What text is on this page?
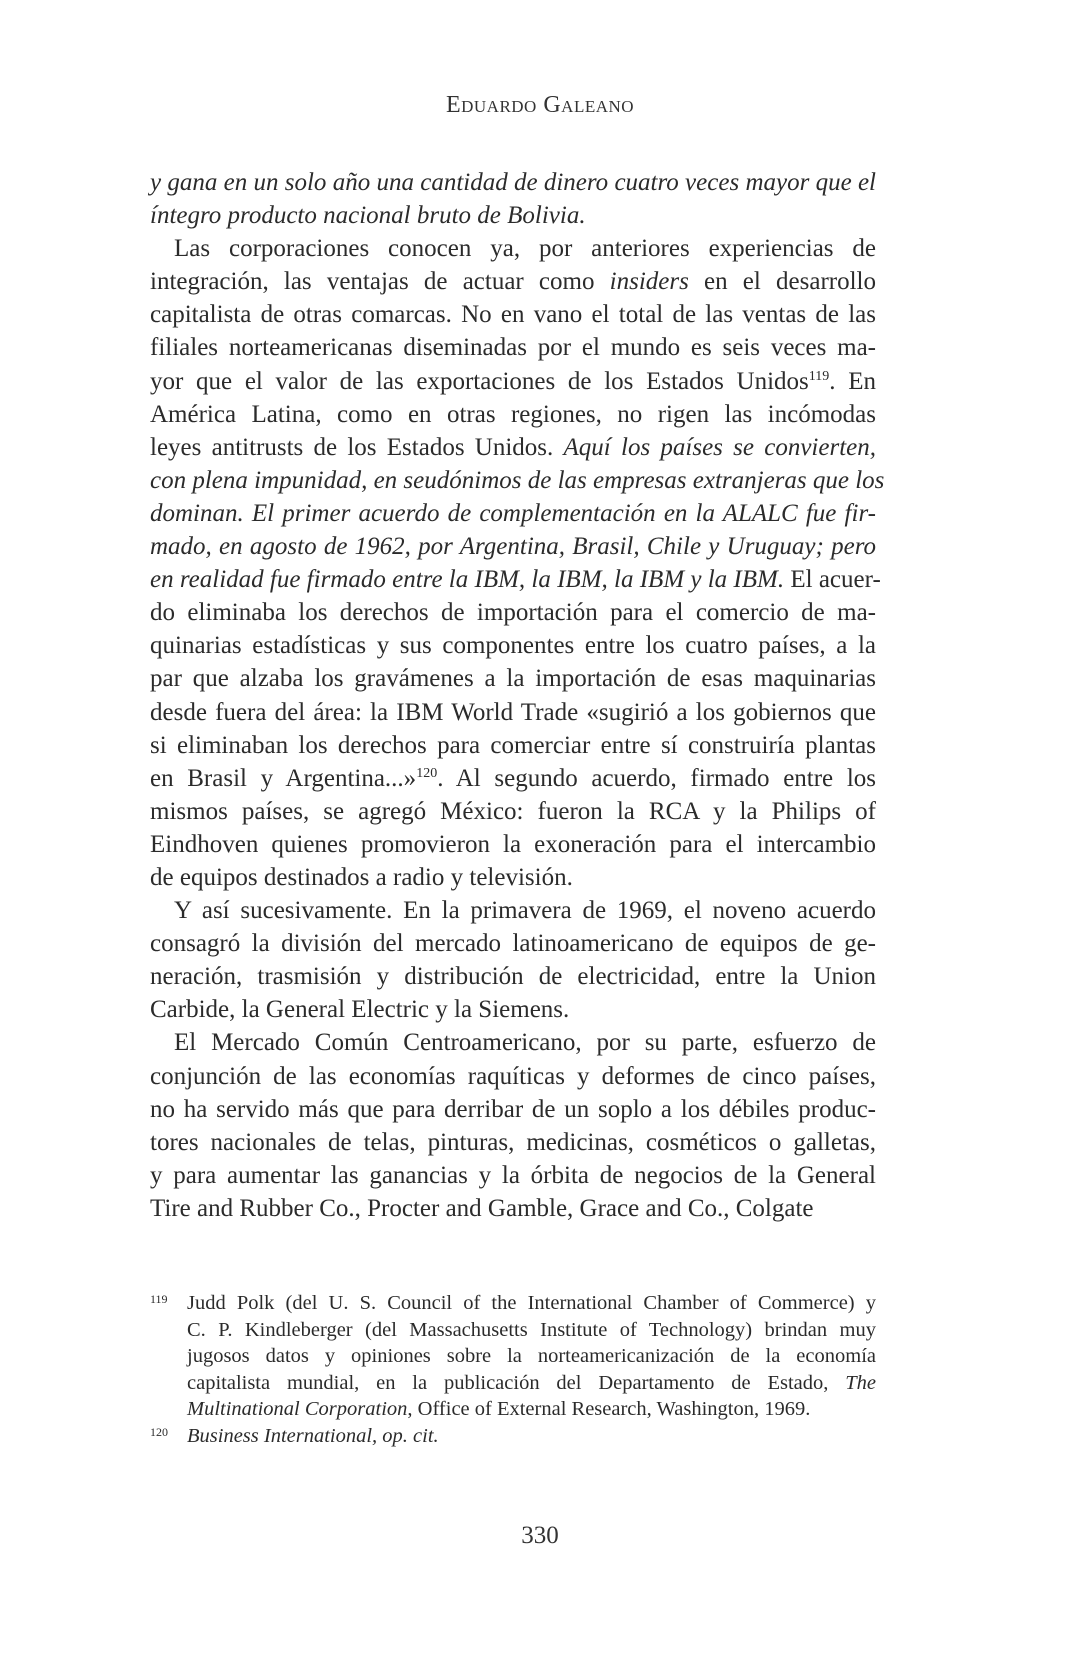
Eduardo Galeano

y gana en un solo año una cantidad de dinero cuatro veces mayor que el
íntegro producto nacional bruto de Bolivia.

Las corporaciones conocen ya, por anteriores experiencias de
integración, las ventajas de actuar como insiders en el desarrollo
capitalista de otras comarcas. No en vano el total de las ventas de las
filiales norteamericanas diseminadas por el mundo es seis veces ma-
yor que el valor de las exportaciones de los Estados Unidos$^{119}$. En
América Latina, como en otras regiones, no rigen las incómodas
leyes antitrusts de los Estados Unidos. Aquí los países se convierten,
con plena impunidad, en seudónimos de las empresas extranjeras que los
dominan. El primer acuerdo de complementación en la ALALC fue fir-
mado, en agosto de 1962, por Argentina, Brasil, Chile y Uruguay; pero
en realidad fue firmado entre la IBM, la IBM, la IBM y la IBM. El acuer-
do eliminaba los derechos de importación para el comercio de ma-
quinarias estadísticas y sus componentes entre los cuatro países, a la
par que alzaba los gravámenes a la importación de esas maquinarias
desde fuera del área: la IBM World Trade «sugirió a los gobiernos que
si eliminaban los derechos para comerciar entre sí construiría plantas
en Brasil y Argentina...»$^{120}$. Al segundo acuerdo, firmado entre los
mismos países, se agregó México: fueron la RCA y la Philips of
Eindhoven quienes promovieron la exoneración para el intercambio
de equipos destinados a radio y televisión.

Y así sucesivamente. En la primavera de 1969, el noveno acuerdo
consagró la división del mercado latinoamericano de equipos de ge-
neración, trasmisión y distribución de electricidad, entre la Union
Carbide, la General Electric y la Siemens.

El Mercado Común Centroamericano, por su parte, esfuerzo de
conjunción de las economías raquíticas y deformes de cinco países,
no ha servido más que para derribar de un soplo a los débiles produc-
tores nacionales de telas, pinturas, medicinas, cosméticos o galletas,
y para aumentar las ganancias y la órbita de negocios de la General
Tire and Rubber Co., Procter and Gamble, Grace and Co., Colgate

119 Judd Polk (del U. S. Council of the International Chamber of Commerce) y
C. P. Kindleberger (del Massachusetts Institute of Technology) brindan muy
jugosos datos y opiniones sobre la norteamericanización de la economía
capitalista mundial, en la publicación del Departamento de Estado, The
Multinational Corporation, Office of External Research, Washington, 1969.
120 Business International, op. cit.
330
